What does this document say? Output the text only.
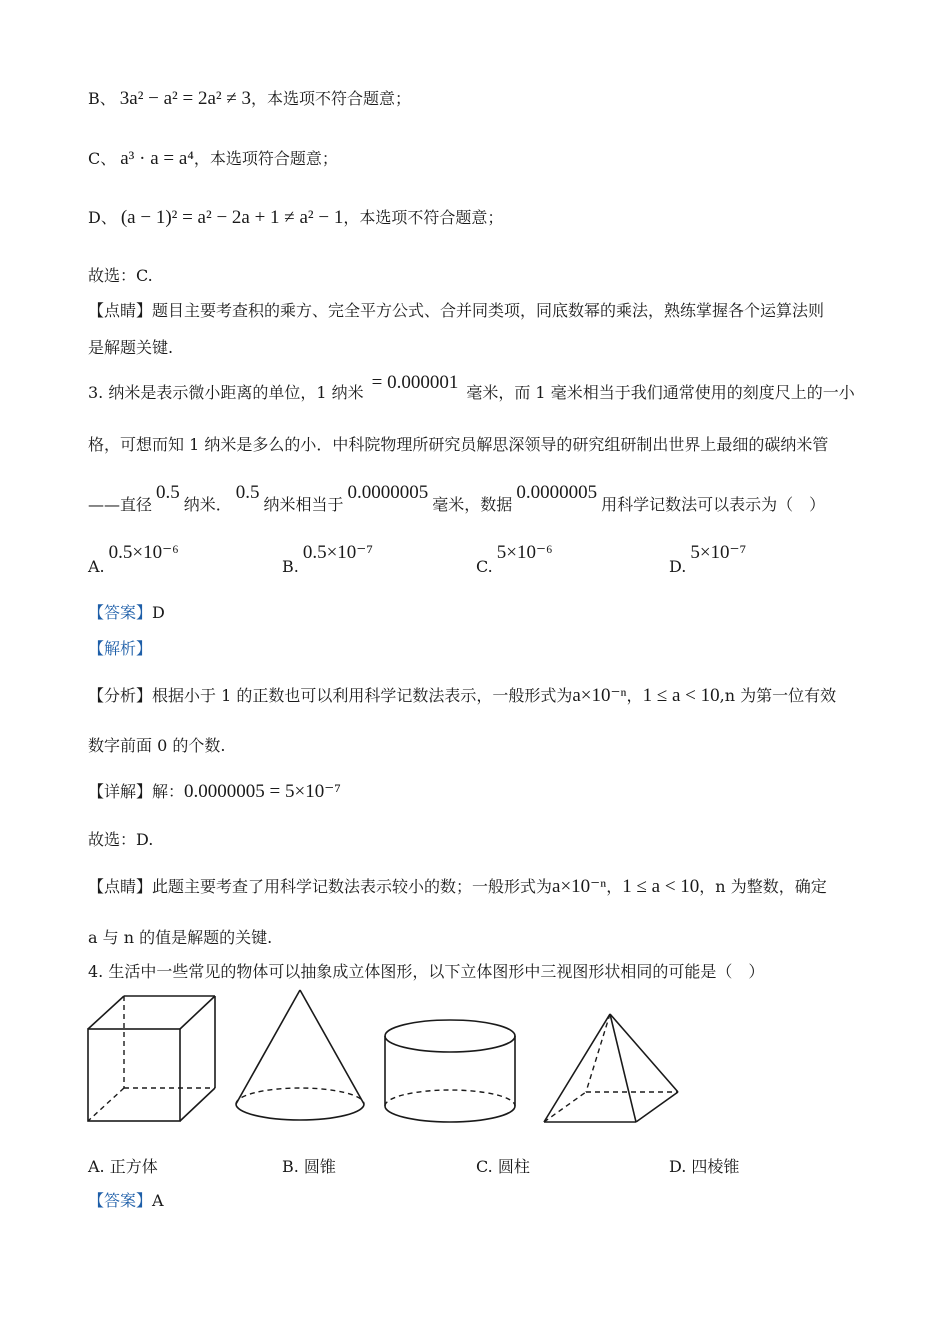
B、 3a² − a² = 2a² ≠ 3，本选项不符合题意；
C、 a³ · a = a⁴，本选项符合题意；
D、 (a − 1)² = a² − 2a + 1 ≠ a² − 1，本选项不符合题意；
故选：C.
【点睛】题目主要考查积的乘方、完全平方公式、合并同类项，同底数幂的乘法，熟练掌握各个运算法则
是解题关键.
3. 纳米是表示微小距离的单位，1 纳米 = 0.000001 毫米，而 1 毫米相当于我们通常使用的刻度尺上的一小
格，可想而知 1 纳米是多么的小．中科院物理所研究员解思深领导的研究组研制出世界上最细的碳纳米管
——直径0.5纳米．0.5纳米相当于0.0000005毫米，数据0.0000005用科学记数法可以表示为（　）
A.0.5×10⁻⁶
B.0.5×10⁻⁷
C.5×10⁻⁶
D.5×10⁻⁷
【答案】D
【解析】
【分析】根据小于 1 的正数也可以利用科学记数法表示，一般形式为a×10⁻ⁿ，1 ≤ a < 10,n 为第一位有效
数字前面 0 的个数.
【详解】解：0.0000005 = 5×10⁻⁷
故选：D.
【点睛】此题主要考查了用科学记数法表示较小的数；一般形式为a×10⁻ⁿ，1 ≤ a < 10，n 为整数，确定
a 与 n 的值是解题的关键.
4. 生活中一些常见的物体可以抽象成立体图形，以下立体图形中三视图形状相同的可能是（　）
A. 正方体	B. 圆锥	C. 圆柱	D. 四棱锥
【答案】A
